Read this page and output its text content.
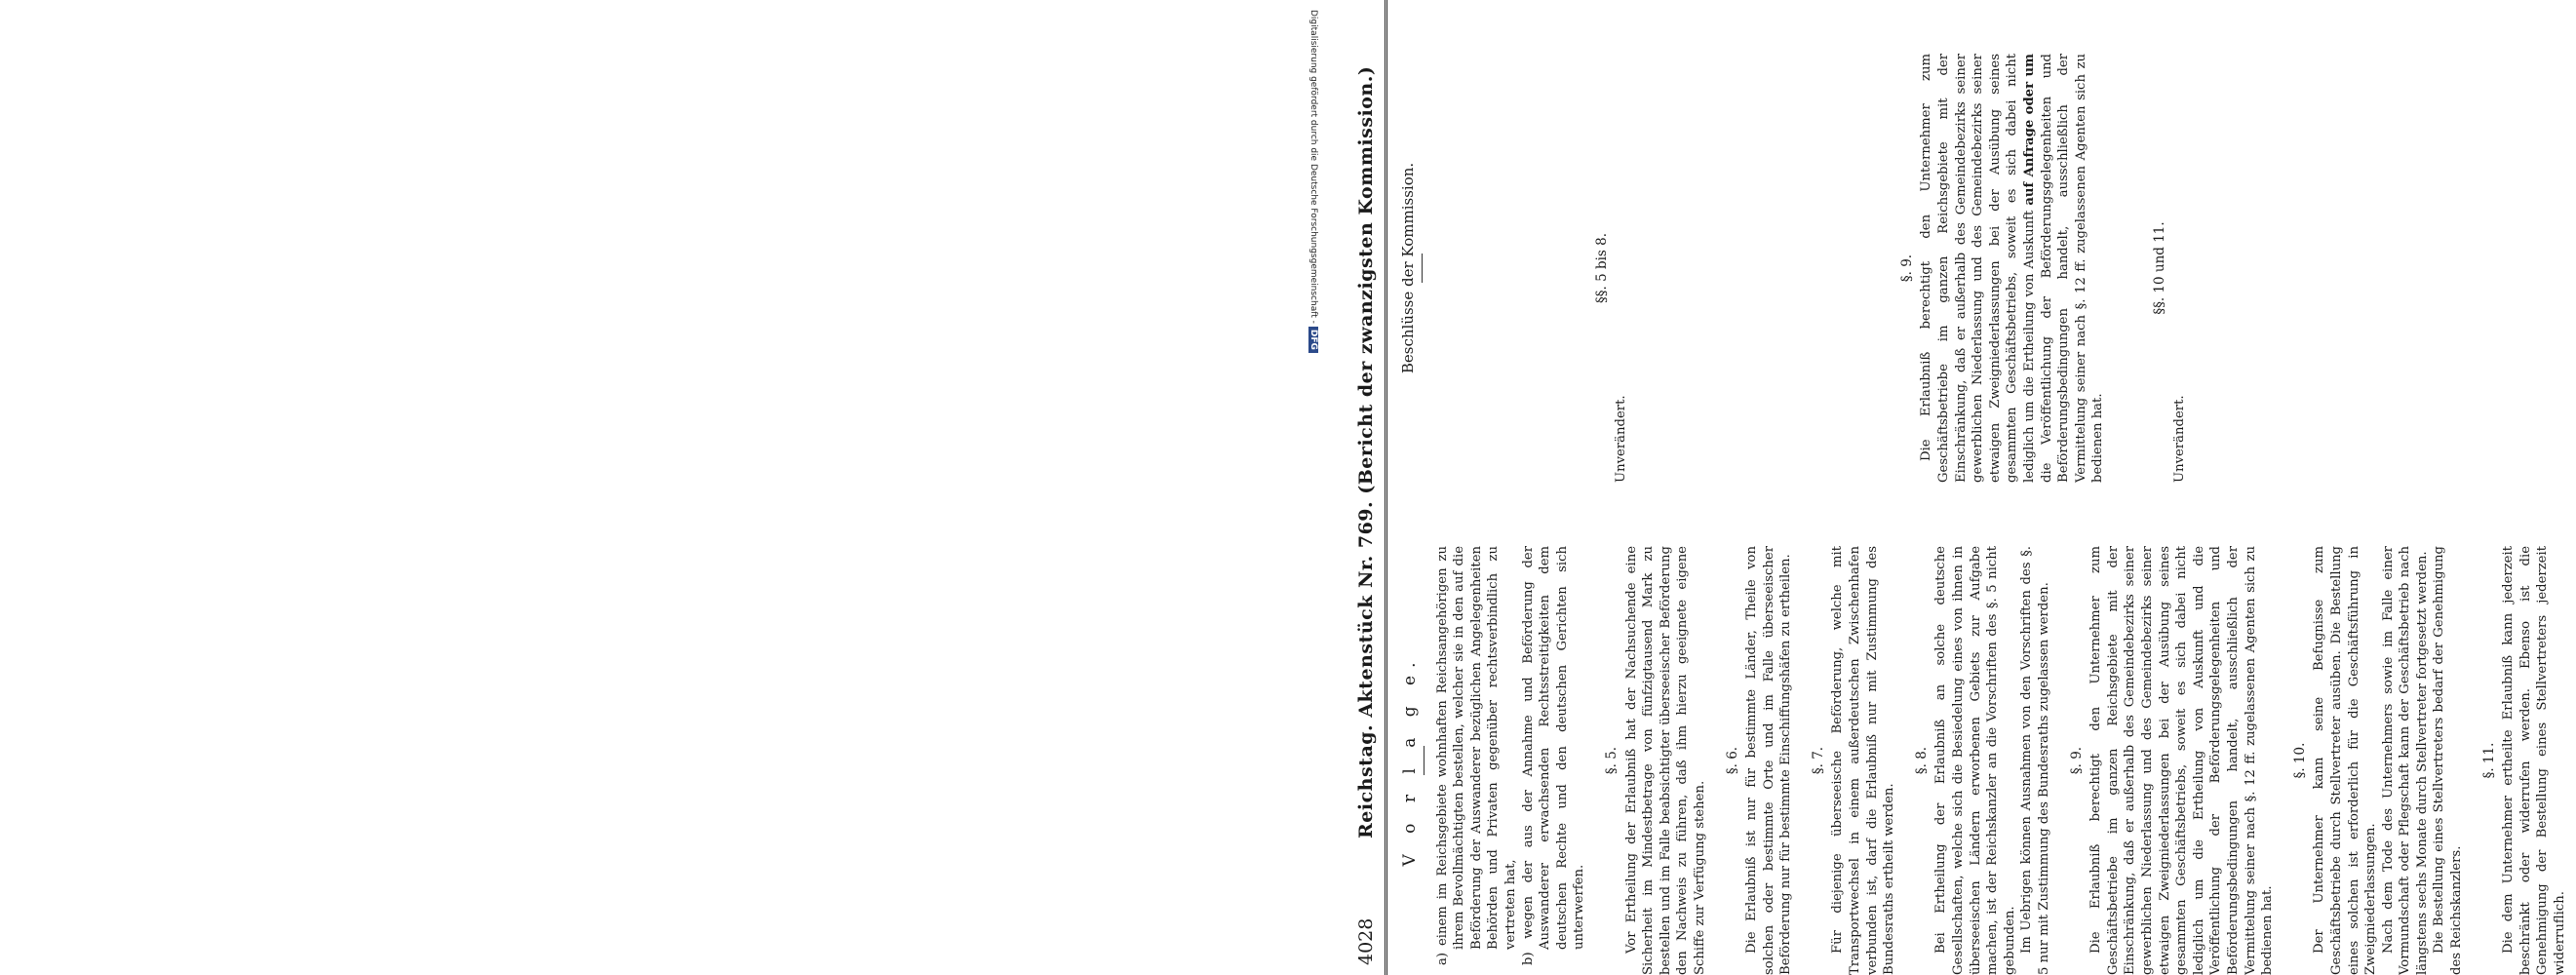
4028
Reichstag. Aktenstück Nr. 769. (Bericht der zwanzigsten Kommission.) V o r l a g e. a) einem im Reichsgebiete wohnhaften Reichsangehörigen zu ihrem Bevollmächtigten bestellen, welcher sie in den auf die Beförderung der Auswanderer bezüglichen Angelegenheiten Behörden und Privaten gegenüber rechtsverbindlich zu vertreten hat, b) wegen der aus der Annahme und Beförderung der Auswanderer erwachsenden Rechtsstreitigkeiten dem deutschen Rechte und den deutschen Gerichten sich unterwerfen.

§. 5. Vor Ertheilung der Erlaubniß hat der Nachsuchende eine Sicherheit im Mindestbetrage von fünfzigtausend Mark zu bestellen und im Falle beabsichtigter überseeischer Beförderung den Nachweis zu führen, daß ihm hierzu geeignete eigene Schiffe zur Verfügung stehen.

§. 6. Die Erlaubniß ist nur für bestimmte Länder, Theile von solchen oder bestimmte Orte und im Falle überseeischer Beförderung nur für bestimmte Einschiffungshäfen zu ertheilen. §. 7. Für diejenige überseeische Beförderung, welche mit Transportwechsel in einem außerdeutschen Zwischenhafen verbunden ist, darf die Erlaubniß nur mit Zustimmung des Bundesraths ertheilt werden.

§. 8. Bei Ertheilung der Erlaubniß an solche deutsche Gesellschaften, welche sich die Besiedelung eines von ihnen in überseeischen Ländern erworbenen Gebiets zur Aufgabe machen, ist der Reichskanzler an die Vorschriften des §. 5 nicht gebunden. Im Uebrigen können Ausnahmen von den Vorschriften des §. 5 nur mit Zustimmung des Bundesraths zugelassen werden. §. 9. Die Erlaubniß berechtigt den Unternehmer zum Geschäftsbetriebe im ganzen Reichsgebiete mit der Einschränkung, daß er außerhalb des Gemeindebezirks seiner gewerblichen Niederlassung und des Gemeindebezirks seiner etwaigen Zweigniederlassungen bei der Ausübung seines gesammten Geschäftsbetriebs, soweit es sich dabei nicht lediglich um die Ertheilung von Auskunft und die Veröffentlichung der Beförderungsgelegenheiten und Beförderungsbedingungen handelt, ausschließlich der Vermittelung seiner nach §. 12 ff. zugelassenen Agenten sich zu bedienen hat.

§. 10. Der Unternehmer kann seine Befugnisse zum Geschäftsbetriebe durch Stellvertreter ausüben. Die Bestellung eines solchen ist erforderlich für die Geschäftsführung in Zweigniederlassungen. Nach dem Tode des Unternehmers sowie im Falle einer Vormundschaft oder Pflegschaft kann der Geschäftsbetrieb nach längstens sechs Monate durch Stellvertreter fortgesetzt werden. Die Bestellung eines Stellvertreters bedarf der Genehmigung des Reichskanzlers.

§. 11. Die dem Unternehmer ertheilte Erlaubniß kann jederzeit beschränkt oder widerrufen werden. Ebenso ist die Genehmigung der Bestellung eines Stellvertreters jederzeit widerruflich.

Beschlüsse der Kommission.	§§. 5 bis 8.

Unverändert.

§. 9. Die Erlaubniß berechtigt den Unternehmer zum Geschäftsbetriebe im ganzen Reichsgebiete mit der Einschränkung, daß er außerhalb des Gemeindebezirks seiner gewerblichen Niederlassung und des Gemeindebezirks seiner etwaigen Zweigniederlassungen bei der Ausübung seines gesammten Geschäftsbetriebs, soweit es sich dabei nicht lediglich um die Ertheilung von Auskunft auf Anfrage oder um die Veröffentlichung der Beförderungsgelegenheiten und Beförderungsbedingungen handelt, ausschließlich der Vermittelung seiner nach §. 12 ff. zugelassenen Agenten sich zu bedienen hat.

§§. 10 und 11.

Unverändert.

Digitalisierung gefördert durch die Deutsche Forschungsgemeinschaft -DFG
